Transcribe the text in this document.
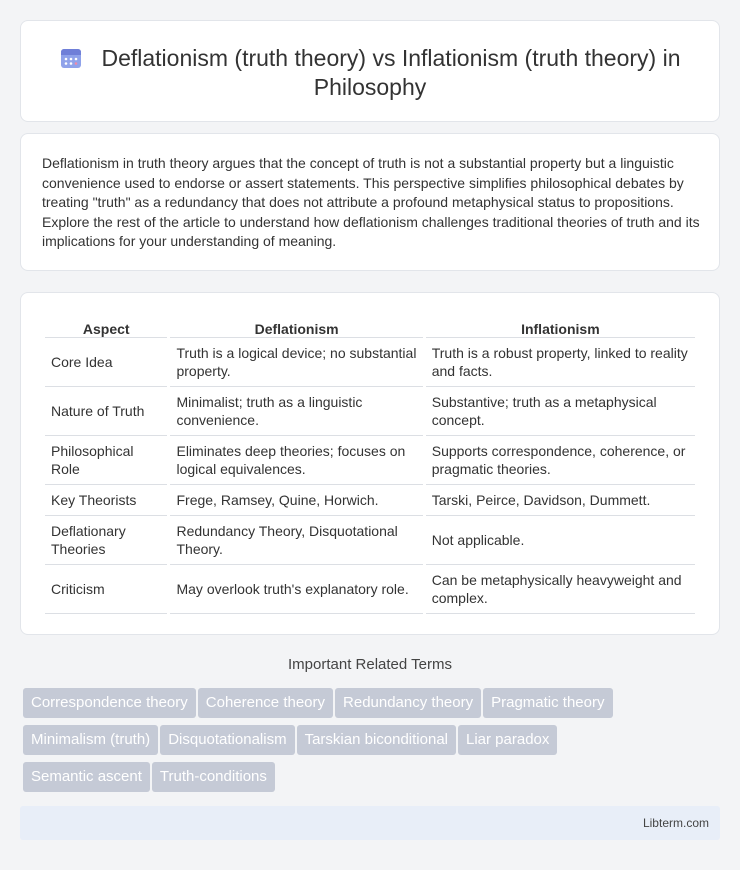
Deflationism (truth theory) vs Inflationism (truth theory) in Philosophy

Deflationism in truth theory argues that the concept of truth is not a substantial property but a linguistic convenience used to endorse or assert statements. This perspective simplifies philosophical debates by treating "truth" as a redundancy that does not attribute a profound metaphysical status to propositions. Explore the rest of the article to understand how deflationism challenges traditional theories of truth and its implications for your understanding of meaning.

Aspect	Deflationism	Inflationism
Core Idea	Truth is a logical device; no substantial property.	Truth is a robust property, linked to reality and facts.
Nature of Truth	Minimalist; truth as a linguistic convenience.	Substantive; truth as a metaphysical concept.
Philosophical Role	Eliminates deep theories; focuses on logical equivalences.	Supports correspondence, coherence, or pragmatic theories.
Key Theorists	Frege, Ramsey, Quine, Horwich.	Tarski, Peirce, Davidson, Dummett.
Deflationary Theories	Redundancy Theory, Disquotational Theory.	Not applicable.
Criticism	May overlook truth's explanatory role.	Can be metaphysically heavyweight and complex.
Important Related Terms
Correspondence theory Coherence theory Redundancy theory Pragmatic theory
Minimalism (truth) Disquotationalism Tarskian biconditional Liar paradox
Semantic ascent Truth-conditions
Libterm.com
